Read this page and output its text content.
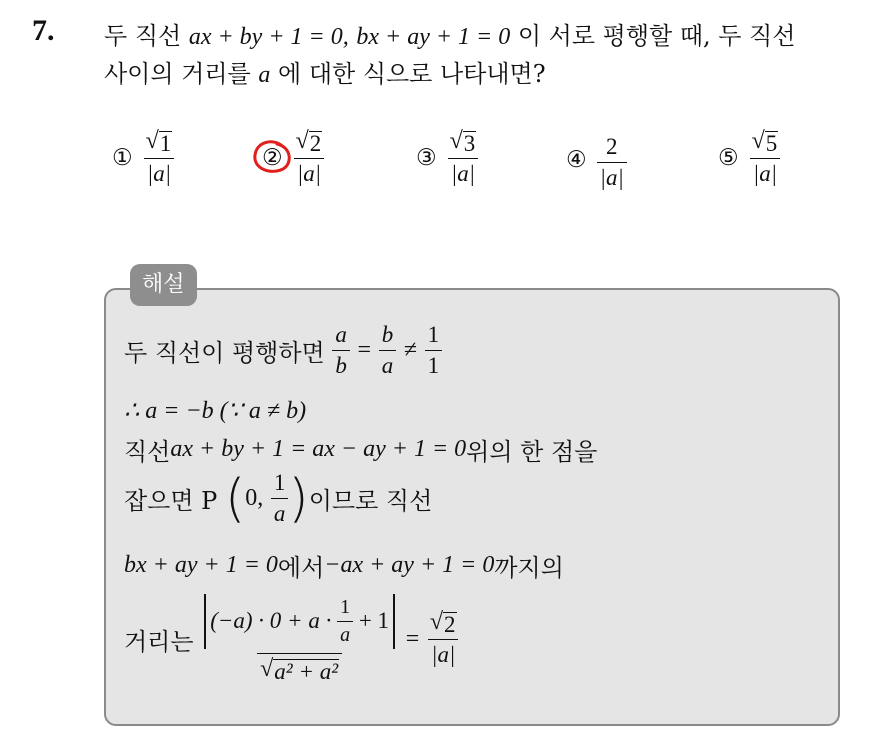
7. 두 직선 ax + by + 1 = 0, bx + ay + 1 = 0 이 서로 평행할 때, 두 직선
사이의 거리를 a 에 대한 식으로 나타내면?
① $\frac{√ 1}{|a|}$	② $\frac{√ 2}{|a|}$	③ $\frac{√ 3}{|a|}$	④ $\frac{2}{|a|}$	⑤ $\frac{√ 5}{|a|}$
해설
두 직선이 평행하면
$\frac{a}{b}$
=
$\frac{b}{a}$
≠
$\frac{1}{1}$
∴ a = −b (∵ a ≠ b)
직선 ax + by + 1 = ax − ay + 1 = 0 위의 한 점을
잡으면 P
( 0,
$\frac{1}{a}$ ) 이므로 직선
bx + ay + 1 = 0 에서 −ax + ay + 1 = 0 까지의
거리는
(−a) · 0 + a ·
$\frac{1}{a}$
+ 1
√ a² + a²
=
$\frac{√ 2}{|a|}$
